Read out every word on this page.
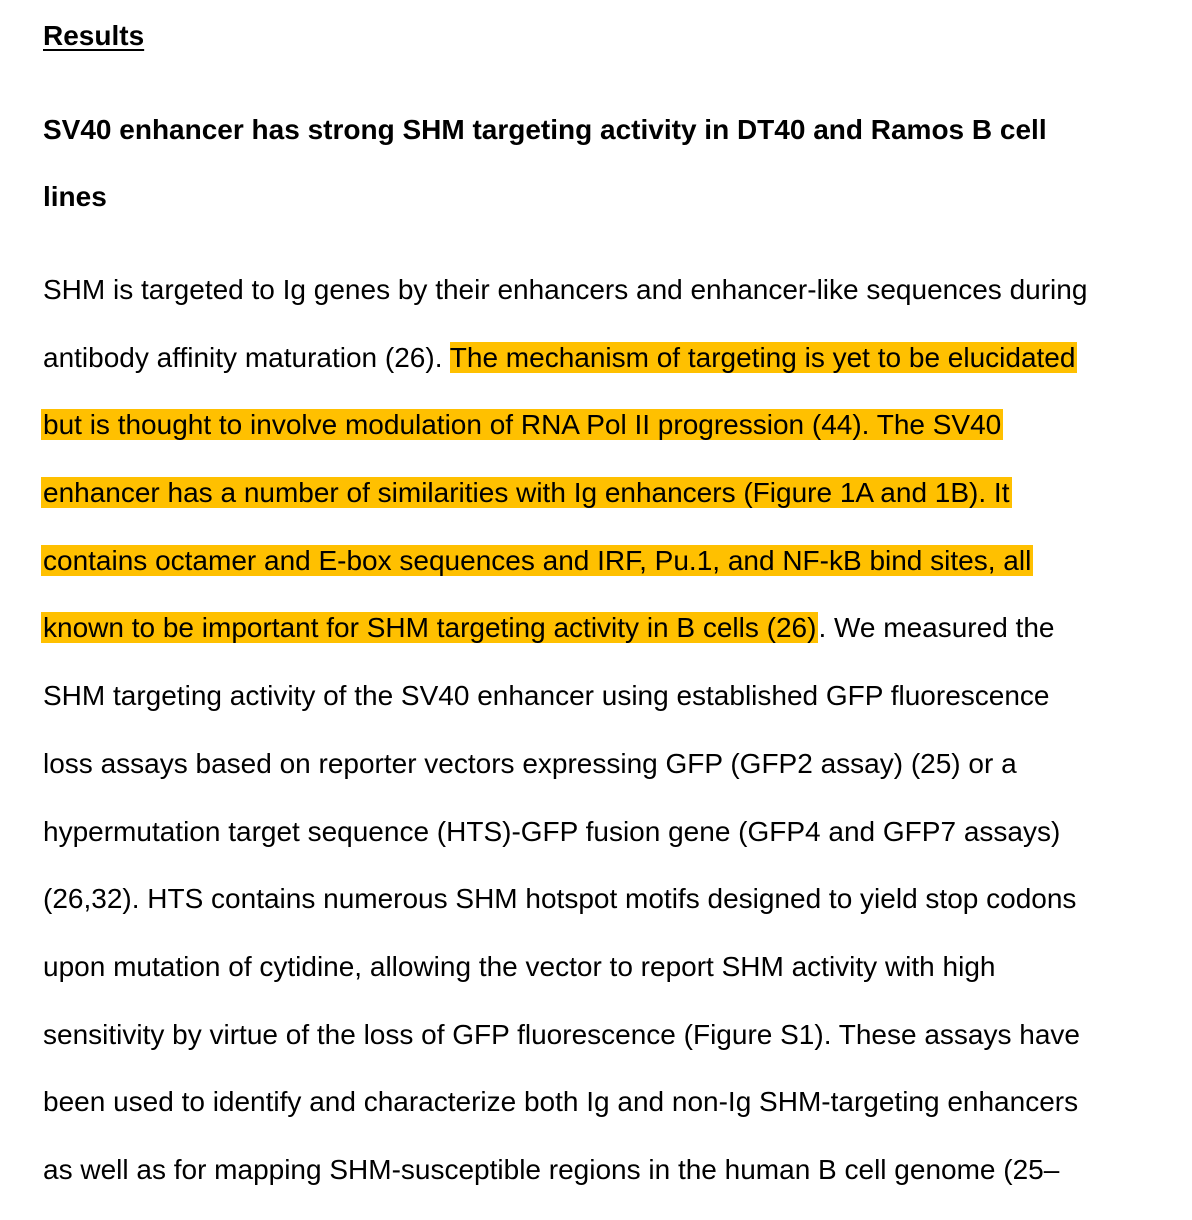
Results
SV40 enhancer has strong SHM targeting activity in DT40 and Ramos B cell
lines

SHM is targeted to Ig genes by their enhancers and enhancer-like sequences during
antibody affinity maturation (26). The mechanism of targeting is yet to be elucidated
but is thought to involve modulation of RNA Pol II progression (44). The SV40
enhancer has a number of similarities with Ig enhancers (Figure 1A and 1B). It
contains octamer and E-box sequences and IRF, Pu.1, and NF-kB bind sites, all
known to be important for SHM targeting activity in B cells (26). We measured the
SHM targeting activity of the SV40 enhancer using established GFP fluorescence
loss assays based on reporter vectors expressing GFP (GFP2 assay) (25) or a
hypermutation target sequence (HTS)-GFP fusion gene (GFP4 and GFP7 assays)
(26,32). HTS contains numerous SHM hotspot motifs designed to yield stop codons
upon mutation of cytidine, allowing the vector to report SHM activity with high
sensitivity by virtue of the loss of GFP fluorescence (Figure S1). These assays have
been used to identify and characterize both Ig and non-Ig SHM-targeting enhancers
as well as for mapping SHM-susceptible regions in the human B cell genome (25–
